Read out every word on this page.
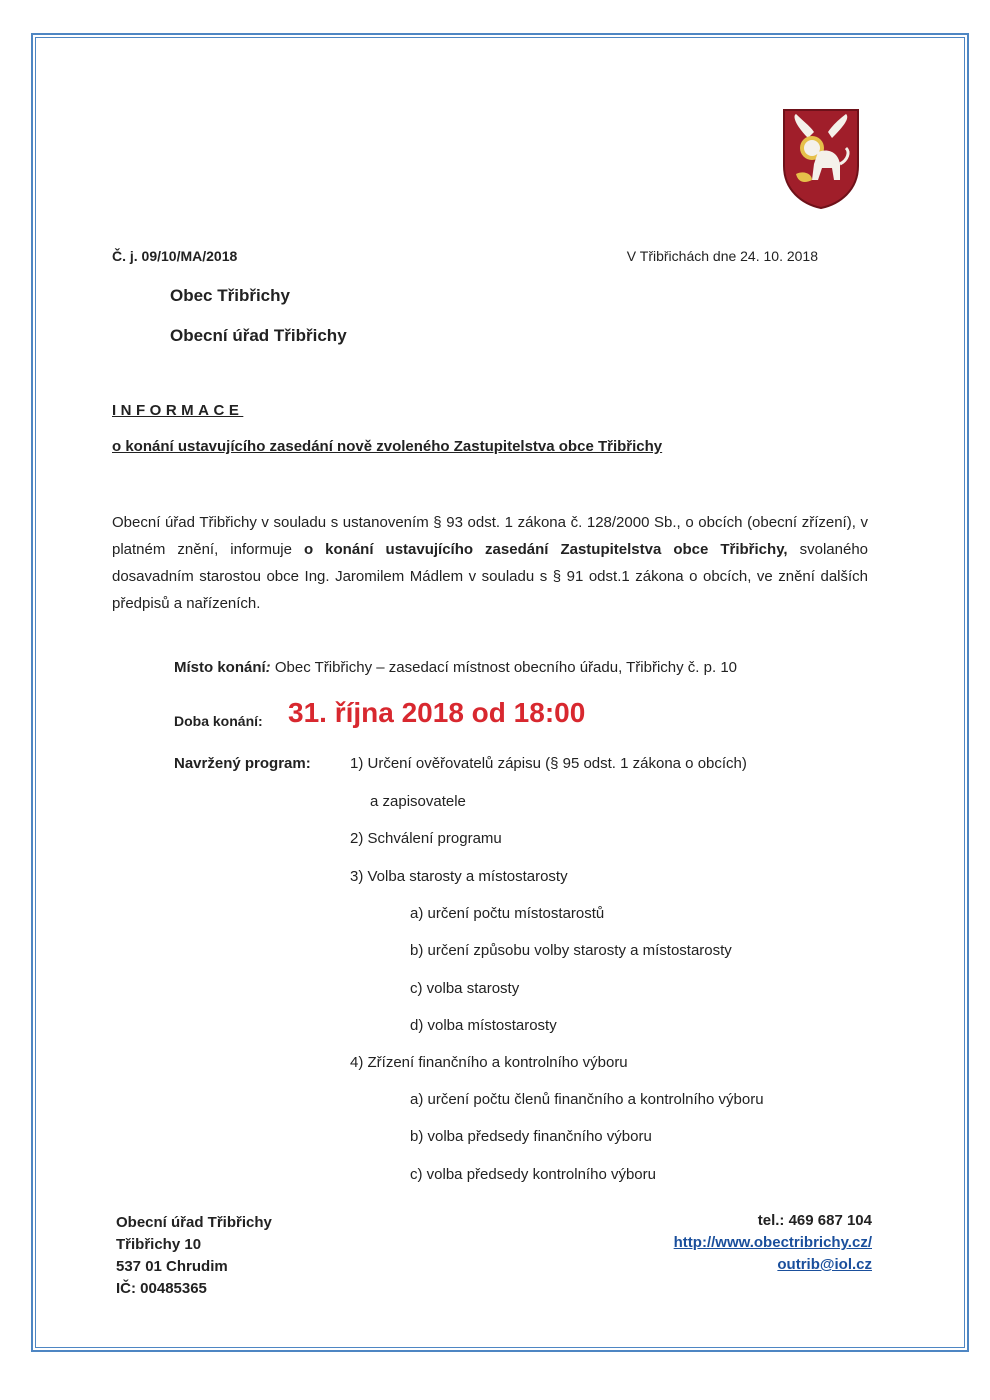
Č. j. 09/10/MA/2018	V Třibřichách dne 24. 10. 2018
Obec Třibřichy
Obecní úřad Třibřichy
INFORMACE
o konání ustavujícího zasedání nově zvoleného Zastupitelstva obce Třibřichy
Obecní úřad Třibřichy v souladu s ustanovením § 93 odst. 1 zákona č. 128/2000 Sb., o obcích (obecní zřízení), v platném znění, informuje o konání ustavujícího zasedání Zastupitelstva obce Třibřichy, svolaného dosavadním starostou obce Ing. Jaromilem Mádlem v souladu s § 91 odst.1 zákona o obcích, ve znění dalších předpisů a nařízeních.
Místo konání: Obec Třibřichy – zasedací místnost obecního úřadu, Třibřichy č. p. 10
Doba konání: 31. října 2018 od 18:00
Navržený program:	1) Určení ověřovatelů zápisu (§ 95 odst. 1 zákona o obcích)
a zapisovatele
2) Schválení programu
3) Volba starosty a místostarosty
a) určení počtu místostarostů
b) určení způsobu volby starosty a místostarosty
c) volba starosty
d) volba místostarosty
4) Zřízení finančního a kontrolního výboru
a) určení počtu členů finančního a kontrolního výboru
b) volba předsedy finančního výboru
c) volba předsedy kontrolního výboru
Obecní úřad Třibřichy
Třibřichy 10
537 01 Chrudim
IČ: 00485365
tel.: 469 687 104
http://www.obectribrichy.cz/
outrib@iol.cz
